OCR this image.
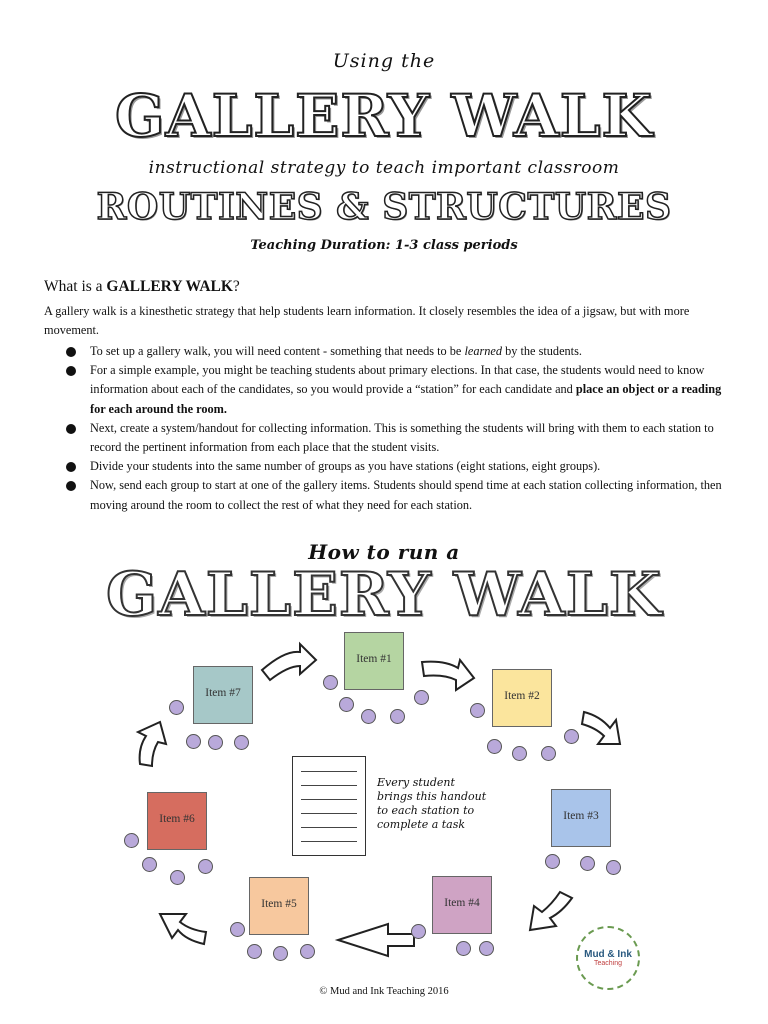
Using the
GALLERY WALK
instructional strategy to teach important classroom
ROUTINES & STRUCTURES
Teaching Duration: 1-3 class periods
What is a GALLERY WALK?
A gallery walk is a kinesthetic strategy that help students learn information. It closely resembles the idea of a jigsaw, but with more movement.
To set up a gallery walk, you will need content - something that needs to be learned by the students.
For a simple example, you might be teaching students about primary elections. In that case, the students would need to know information about each of the candidates, so you would provide a “station” for each candidate and place an object or a reading for each around the room.
Next, create a system/handout for collecting information. This is something the students will bring with them to each station to record the pertinent information from each place that the student visits.
Divide your students into the same number of groups as you have stations (eight stations, eight groups).
Now, send each group to start at one of the gallery items. Students should spend time at each station collecting information, then moving around the room to collect the rest of what they need for each station.
How to run a
GALLERY WALK
Item #1
Item #2
Item #3
Item #4
Item #5
Item #6
Item #7
Every student brings this handout to each station to complete a task
Mud & Ink
Teaching
© Mud and Ink Teaching 2016
